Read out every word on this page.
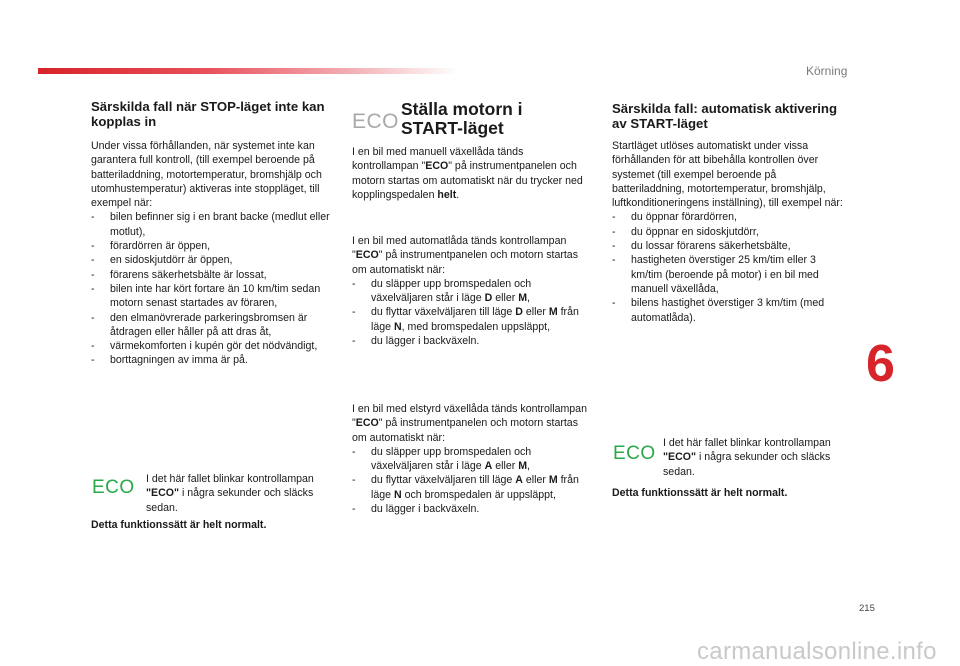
Körning
Särskilda fall när STOP-läget inte kan kopplas in

Under vissa förhållanden, när systemet inte kan garantera full kontroll, (till exempel beroende på batteriladdning, motortemperatur, bromshjälp och utomhustemperatur) aktiveras inte stoppläget, till exempel när:

- bilen befinner sig i en brant backe (medlut eller motlut),
- förardörren är öppen,
- en sidoskjutdörr är öppen,
- förarens säkerhetsbälte är lossat,
- bilen inte har kört fortare än 10 km/tim sedan motorn senast startades av föraren,
- den elmanövrerade parkeringsbromsen är åtdragen eller håller på att dras åt,
- värmekomforten i kupén gör det nödvändigt,
- borttagningen av imma är på.
ECO I det här fallet blinkar kontrollampan "ECO" i några sekunder och släcks sedan.
Detta funktionssätt är helt normalt.
ECO
Ställa motorn i
START-läget
I en bil med manuell växellåda tänds kontrollampan "ECO" på instrumentpanelen och motorn startas om automatiskt när du trycker ned kopplingspedalen helt.

I en bil med automatlåda tänds kontrollampan "ECO" på instrumentpanelen och motorn startas om automatiskt när:

- du släpper upp bromspedalen och växelväljaren står i läge D eller M,
- du flyttar växelväljaren till läge D eller M från läge N, med bromspedalen uppsläppt,
- du lägger i backväxeln.

I en bil med elstyrd växellåda tänds kontrollampan "ECO" på instrumentpanelen och motorn startas om automatiskt när:

- du släpper upp bromspedalen och växelväljaren står i läge A eller M,
- du flyttar växelväljaren till läge A eller M från läge N och bromspedalen är uppsläppt,
- du lägger i backväxeln.
Särskilda fall: automatisk aktivering av START-läget

Startläget utlöses automatiskt under vissa förhållanden för att bibehålla kontrollen över systemet (till exempel beroende på batteriladdning, motortemperatur, bromshjälp, luftkonditioneringens inställning), till exempel när:

- du öppnar förardörren,
- du öppnar en sidoskjutdörr,
- du lossar förarens säkerhetsbälte,
- hastigheten överstiger 25 km/tim eller 3 km/tim (beroende på motor) i en bil med manuell växellåda,
- bilens hastighet överstiger 3 km/tim (med automatlåda).
ECO I det här fallet blinkar kontrollampan "ECO" i några sekunder och släcks sedan.
Detta funktionssätt är helt normalt.
6
215
carmanualsonline.info
